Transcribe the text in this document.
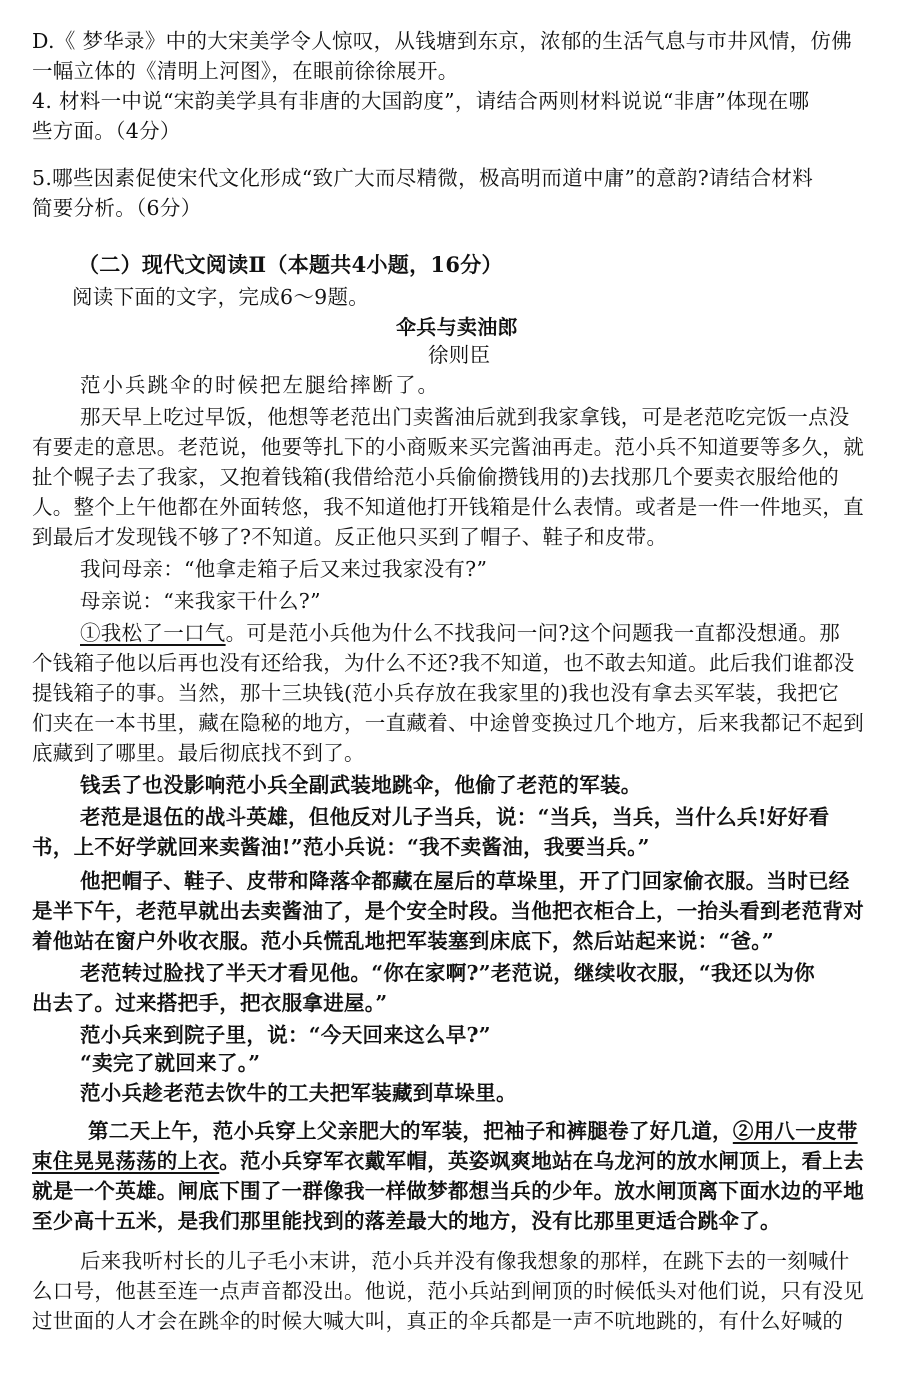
D.《 梦华录》中的大宋美学令人惊叹，从钱塘到东京，浓郁的生活气息与市井风情，仿佛
一幅立体的《清明上河图》，在眼前徐徐展开。
4. 材料一中说“宋韵美学具有非唐的大国韵度”，请结合两则材料说说“非唐”体现在哪
些方面。（4分）
5.哪些因素促使宋代文化形成“致广大而尽精微，极高明而道中庸”的意韵?请结合材料
简要分析。（6分）
（二）现代文阅读Ⅱ（本题共4小题，16分）
阅读下面的文字，完成6～9题。
伞兵与卖油郎
徐则臣
范小兵跳伞的时候把左腿给摔断了。
那天早上吃过早饭，他想等老范出门卖酱油后就到我家拿钱，可是老范吃完饭一点没
有要走的意思。老范说，他要等扎下的小商贩来买完酱油再走。范小兵不知道要等多久，就
扯个幌子去了我家，又抱着钱箱(我借给范小兵偷偷攒钱用的)去找那几个要卖衣服给他的
人。整个上午他都在外面转悠，我不知道他打开钱箱是什么表情。或者是一件一件地买，直
到最后才发现钱不够了?不知道。反正他只买到了帽子、鞋子和皮带。
我问母亲：“他拿走箱子后又来过我家没有?”
母亲说：“来我家干什么?”
①我松了一口气。可是范小兵他为什么不找我问一问?这个问题我一直都没想通。那
个钱箱子他以后再也没有还给我，为什么不还?我不知道，也不敢去知道。此后我们谁都没
提钱箱子的事。当然，那十三块钱(范小兵存放在我家里的)我也没有拿去买军装，我把它
们夹在一本书里，藏在隐秘的地方，一直藏着、中途曾变换过几个地方，后来我都记不起到
底藏到了哪里。最后彻底找不到了。
钱丢了也没影响范小兵全副武装地跳伞，他偷了老范的军装。
老范是退伍的战斗英雄，但他反对儿子当兵，说：“当兵，当兵，当什么兵!好好看
书，上不好学就回来卖酱油!”范小兵说：“我不卖酱油，我要当兵。”
他把帽子、鞋子、皮带和降落伞都藏在屋后的草垛里，开了门回家偷衣服。当时已经
是半下午，老范早就出去卖酱油了，是个安全时段。当他把衣柜合上，一抬头看到老范背对
着他站在窗户外收衣服。范小兵慌乱地把军装塞到床底下，然后站起来说：“爸。”
老范转过脸找了半天才看见他。“你在家啊?”老范说，继续收衣服，“我还以为你
出去了。过来搭把手，把衣服拿进屋。”
范小兵来到院子里，说：“今天回来这么早?”
“卖完了就回来了。”
范小兵趁老范去饮牛的工夫把军装藏到草垛里。
第二天上午，范小兵穿上父亲肥大的军装，把袖子和裤腿卷了好几道，②用八一皮带
束住晃晃荡荡的上衣。范小兵穿军衣戴军帽，英姿飒爽地站在乌龙河的放水闸顶上，看上去
就是一个英雄。闸底下围了一群像我一样做梦都想当兵的少年。放水闸顶离下面水边的平地
至少高十五米，是我们那里能找到的落差最大的地方，没有比那里更适合跳伞了。
后来我听村长的儿子毛小末讲，范小兵并没有像我想象的那样，在跳下去的一刻喊什
么口号，他甚至连一点声音都没出。他说，范小兵站到闸顶的时候低头对他们说，只有没见
过世面的人才会在跳伞的时候大喊大叫，真正的伞兵都是一声不吭地跳的，有什么好喊的
